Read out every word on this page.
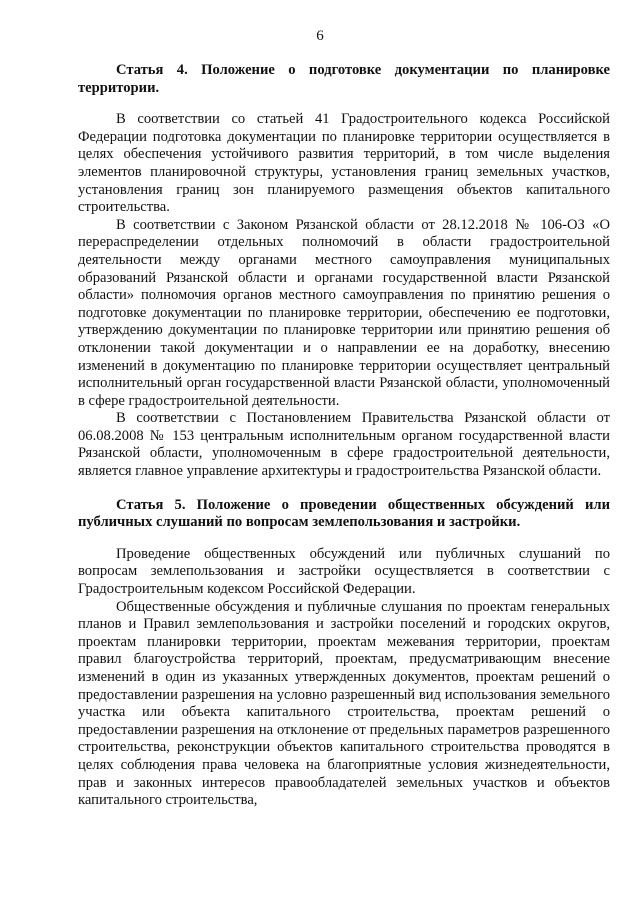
6

Статья 4. Положение о подготовке документации по планировке территории.

В соответствии со статьей 41 Градостроительного кодекса Российской Федерации подготовка документации по планировке территории осуществляется в целях обеспечения устойчивого развития территорий, в том числе выделения элементов планировочной структуры, установления границ земельных участков, установления границ зон планируемого размещения объектов капитального строительства.

В соответствии с Законом Рязанской области от 28.12.2018 № 106-ОЗ «О перераспределении отдельных полномочий в области градостроительной деятельности между органами местного самоуправления муниципальных образований Рязанской области и органами государственной власти Рязанской области» полномочия органов местного самоуправления по принятию решения о подготовке документации по планировке территории, обеспечению ее подготовки, утверждению документации по планировке территории или принятию решения об отклонении такой документации и о направлении ее на доработку, внесению изменений в документацию по планировке территории осуществляет центральный исполнительный орган государственной власти Рязанской области, уполномоченный в сфере градостроительной деятельности.

В соответствии с Постановлением Правительства Рязанской области от 06.08.2008 № 153 центральным исполнительным органом государственной власти Рязанской области, уполномоченным в сфере градостроительной деятельности, является главное управление архитектуры и градостроительства Рязанской области.

Статья 5. Положение о проведении общественных обсуждений или публичных слушаний по вопросам землепользования и застройки.

Проведение общественных обсуждений или публичных слушаний по вопросам землепользования и застройки осуществляется в соответствии с Градостроительным кодексом Российской Федерации.

Общественные обсуждения и публичные слушания по проектам генеральных планов и Правил землепользования и застройки поселений и городских округов, проектам планировки территории, проектам межевания территории, проектам правил благоустройства территорий, проектам, предусматривающим внесение изменений в один из указанных утвержденных документов, проектам решений о предоставлении разрешения на условно разрешенный вид использования земельного участка или объекта капитального строительства, проектам решений о предоставлении разрешения на отклонение от предельных параметров разрешенного строительства, реконструкции объектов капитального строительства проводятся в целях соблюдения права человека на благоприятные условия жизнедеятельности, прав и законных интересов правообладателей земельных участков и объектов капитального строительства,
